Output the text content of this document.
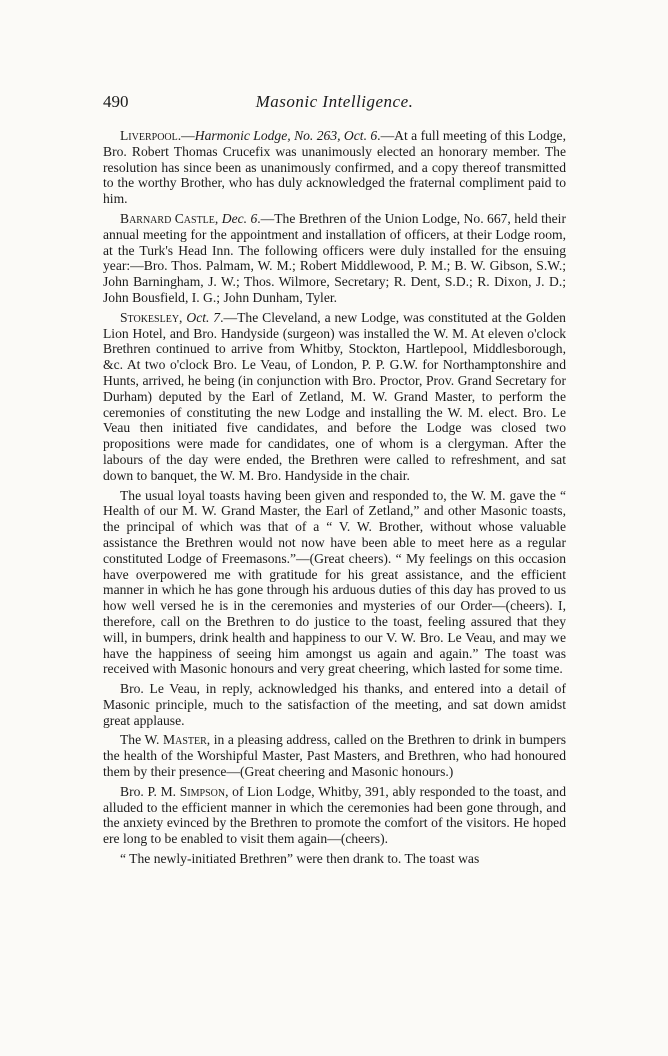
490	Masonic Intelligence.

Liverpool.—Harmonic Lodge, No. 263, Oct. 6.—At a full meeting of this Lodge, Bro. Robert Thomas Crucefix was unanimously elected an honorary member. The resolution has since been as unanimously confirmed, and a copy thereof transmitted to the worthy Brother, who has duly acknowledged the fraternal compliment paid to him.

Barnard Castle, Dec. 6.—The Brethren of the Union Lodge, No. 667, held their annual meeting for the appointment and installation of officers, at their Lodge room, at the Turk's Head Inn. The following officers were duly installed for the ensuing year:—Bro. Thos. Palmam, W. M.; Robert Middlewood, P. M.; B. W. Gibson, S.W.; John Barningham, J. W.; Thos. Wilmore, Secretary; R. Dent, S.D.; R. Dixon, J. D.; John Bousfield, I. G.; John Dunham, Tyler.

Stokesley, Oct. 7.—The Cleveland, a new Lodge, was constituted at the Golden Lion Hotel, and Bro. Handyside (surgeon) was installed the W. M. At eleven o'clock Brethren continued to arrive from Whitby, Stockton, Hartlepool, Middlesborough, &c. At two o'clock Bro. Le Veau, of London, P. P. G.W. for Northamptonshire and Hunts, arrived, he being (in conjunction with Bro. Proctor, Prov. Grand Secretary for Durham) deputed by the Earl of Zetland, M. W. Grand Master, to perform the ceremonies of constituting the new Lodge and installing the W. M. elect. Bro. Le Veau then initiated five candidates, and before the Lodge was closed two propositions were made for candidates, one of whom is a clergyman. After the labours of the day were ended, the Brethren were called to refreshment, and sat down to banquet, the W. M. Bro. Handyside in the chair.

The usual loyal toasts having been given and responded to, the W. M. gave the “ Health of our M. W. Grand Master, the Earl of Zetland,” and other Masonic toasts, the principal of which was that of a “ V. W. Brother, without whose valuable assistance the Brethren would not now have been able to meet here as a regular constituted Lodge of Freemasons.”—(Great cheers). “ My feelings on this occasion have overpowered me with gratitude for his great assistance, and the efficient manner in which he has gone through his arduous duties of this day has proved to us how well versed he is in the ceremonies and mysteries of our Order—(cheers). I, therefore, call on the Brethren to do justice to the toast, feeling assured that they will, in bumpers, drink health and happiness to our V. W. Bro. Le Veau, and may we have the happiness of seeing him amongst us again and again.” The toast was received with Masonic honours and very great cheering, which lasted for some time.

Bro. Le Veau, in reply, acknowledged his thanks, and entered into a detail of Masonic principle, much to the satisfaction of the meeting, and sat down amidst great applause.

The W. Master, in a pleasing address, called on the Brethren to drink in bumpers the health of the Worshipful Master, Past Masters, and Brethren, who had honoured them by their presence—(Great cheering and Masonic honours.)

Bro. P. M. Simpson, of Lion Lodge, Whitby, 391, ably responded to the toast, and alluded to the efficient manner in which the ceremonies had been gone through, and the anxiety evinced by the Brethren to promote the comfort of the visitors. He hoped ere long to be enabled to visit them again—(cheers).

“ The newly-initiated Brethren” were then drank to. The toast was
